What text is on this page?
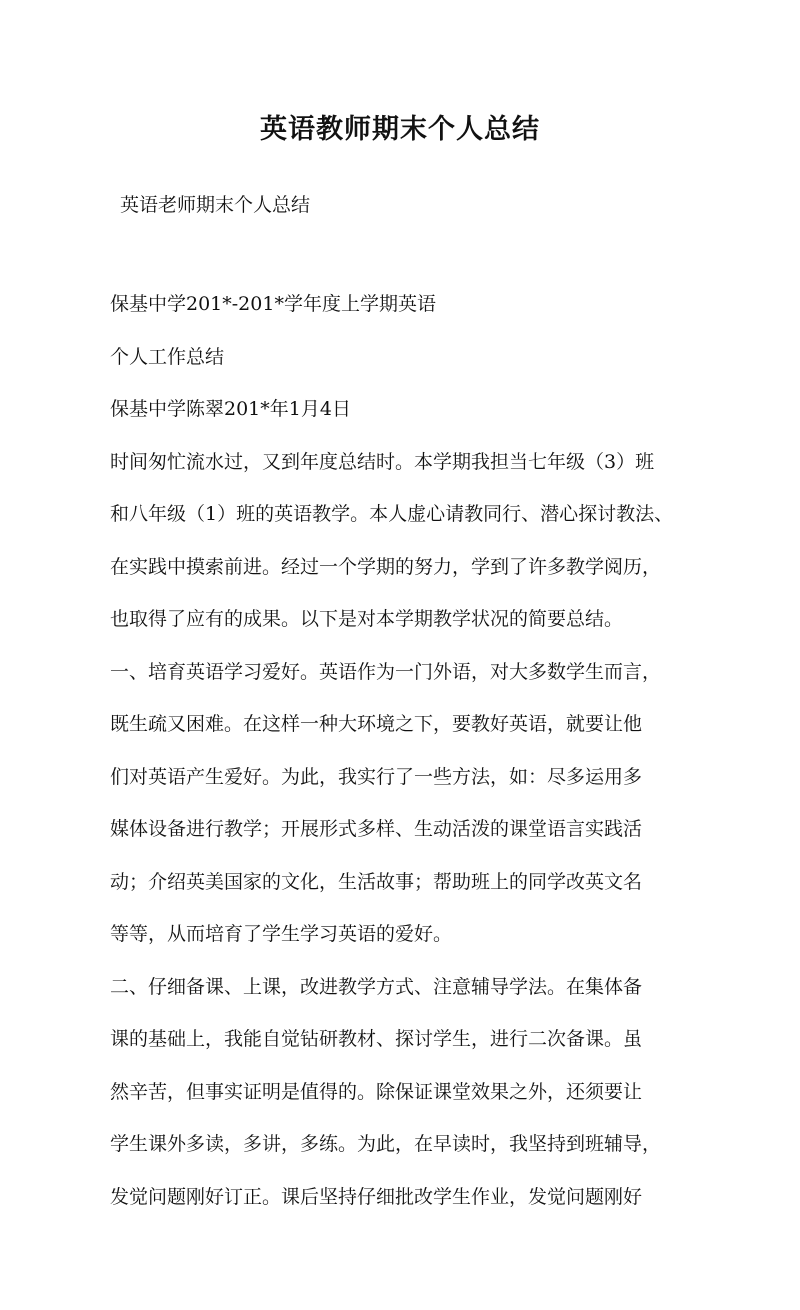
英语教师期末个人总结
英语老师期末个人总结
保基中学201*-201*学年度上学期英语
个人工作总结
保基中学陈翠201*年1月4日
时间匆忙流水过，又到年度总结时。本学期我担当七年级（3）班
和八年级（1）班的英语教学。本人虚心请教同行、潜心探讨教法、
在实践中摸索前进。经过一个学期的努力，学到了许多教学阅历，
也取得了应有的成果。以下是对本学期教学状况的简要总结。
一、培育英语学习爱好。英语作为一门外语，对大多数学生而言，
既生疏又困难。在这样一种大环境之下，要教好英语，就要让他
们对英语产生爱好。为此，我实行了一些方法，如：尽多运用多
媒体设备进行教学；开展形式多样、生动活泼的课堂语言实践活
动；介绍英美国家的文化，生活故事；帮助班上的同学改英文名
等等，从而培育了学生学习英语的爱好。
二、仔细备课、上课，改进教学方式、注意辅导学法。在集体备
课的基础上，我能自觉钻研教材、探讨学生，进行二次备课。虽
然辛苦，但事实证明是值得的。除保证课堂效果之外，还须要让
学生课外多读，多讲，多练。为此，在早读时，我坚持到班辅导，
发觉问题刚好订正。课后坚持仔细批改学生作业，发觉问题刚好
